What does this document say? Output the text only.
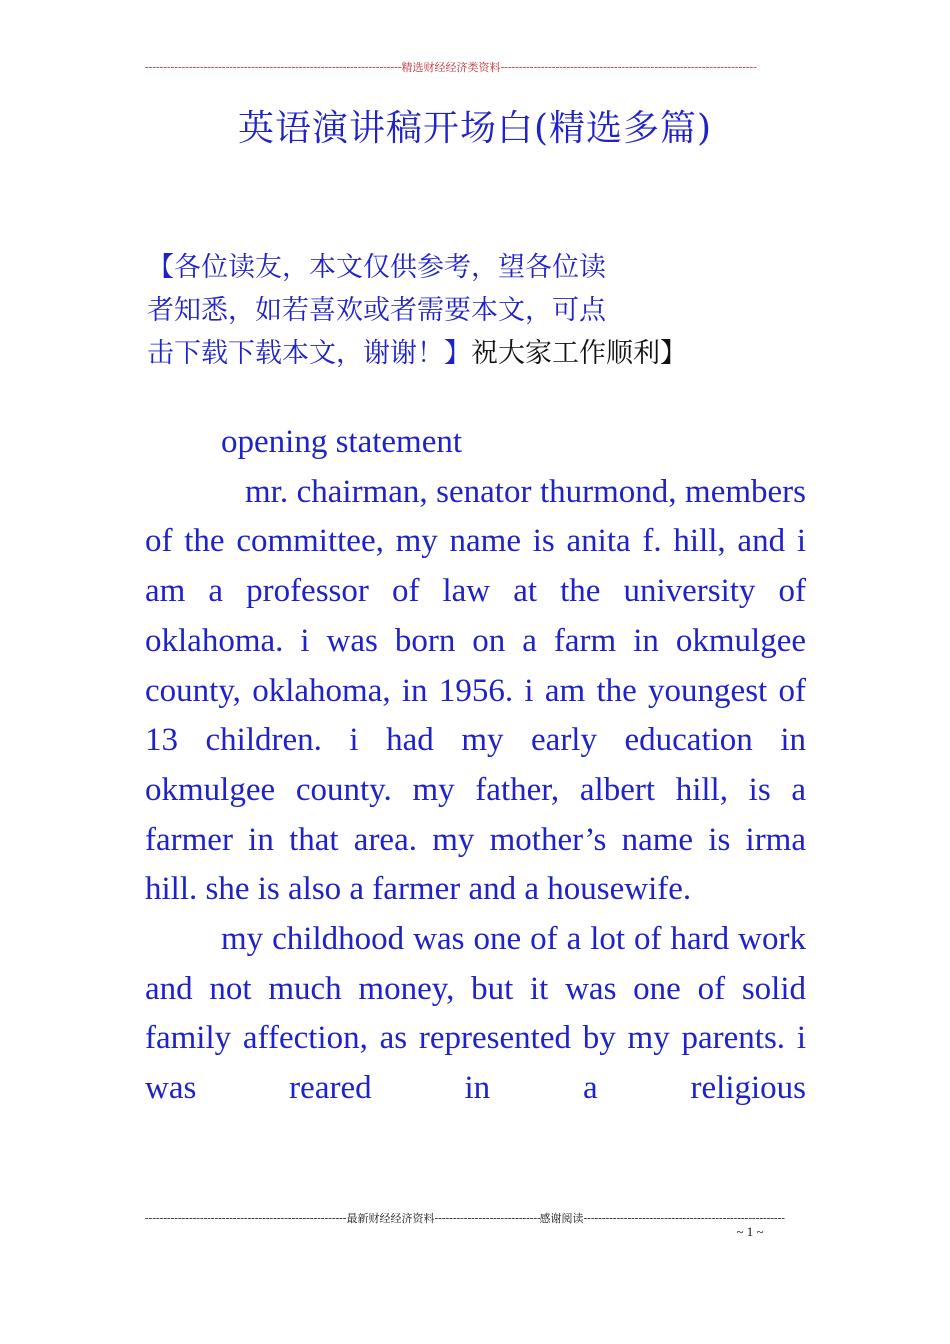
-----
精选财经经济类资料
-----
英语演讲稿开场白(精选多篇)
【各位读友，本文仅供参考，望各位读
者知悉，如若喜欢或者需要本文，可点
击下载下载本文，谢谢！】祝大家工作顺利】

opening statement

mr. chairman, senator thurmond, members of the committee, my name is anita f. hill, and i am a professor of law at the university of oklahoma. i was born on a farm in okmulgee county, oklahoma, in 1956. i am the youngest of 13 children. i had my early education in okmulgee county. my father, albert hill, is a farmer in that area. my mother’s name is irma hill. she is also a farmer and a housewife.

my childhood was one of a lot of hard work and not much money, but it was one of solid family affection, as represented by my parents. i was reared in a religious

-----
最新财经经济资料
-----	感谢阅读
-----
~ 1 ~
